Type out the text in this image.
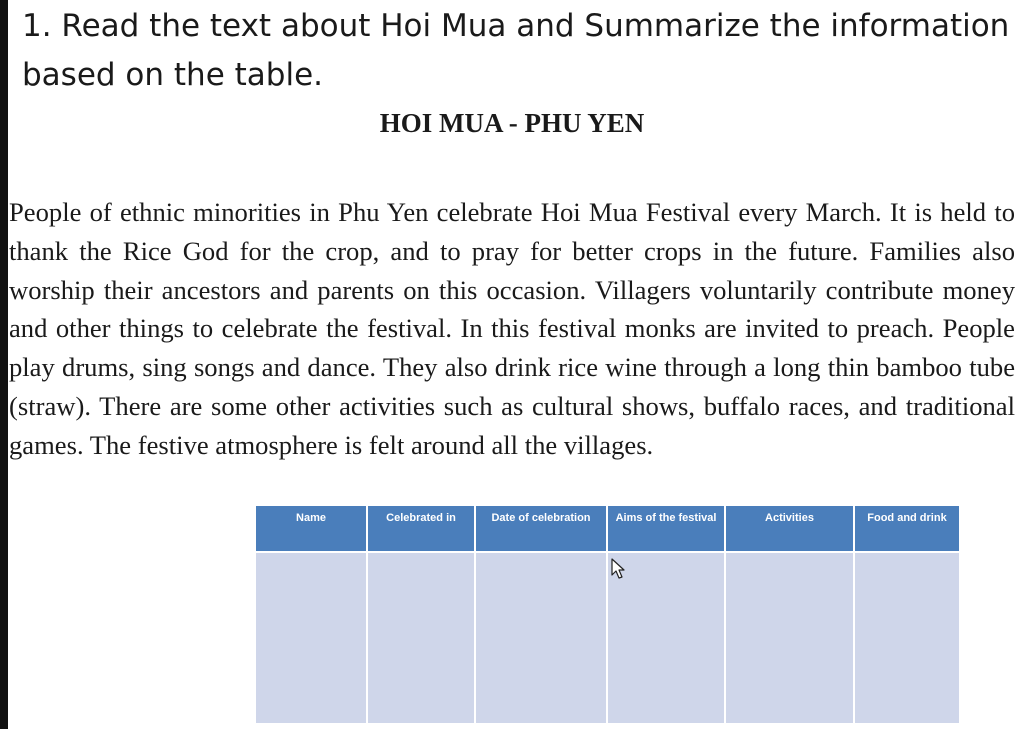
1. Read the text about Hoi Mua and Summarize the information based on the table.

HOI MUA - PHU YEN

People of ethnic minorities in Phu Yen celebrate Hoi Mua Festival every March. It is held to thank the Rice God for the crop, and to pray for better crops in the future. Families also worship their ancestors and parents on this occasion. Villagers voluntarily contribute money and other things to celebrate the festival. In this festival monks are invited to preach. People play drums, sing songs and dance. They also drink rice wine through a long thin bamboo tube (straw). There are some other activities such as cultural shows, buffalo races, and traditional games. The festive atmosphere is felt around all the villages.

Name	Celebrated in	Date of celebration	Aims of the festival	Activities	Food and drink
